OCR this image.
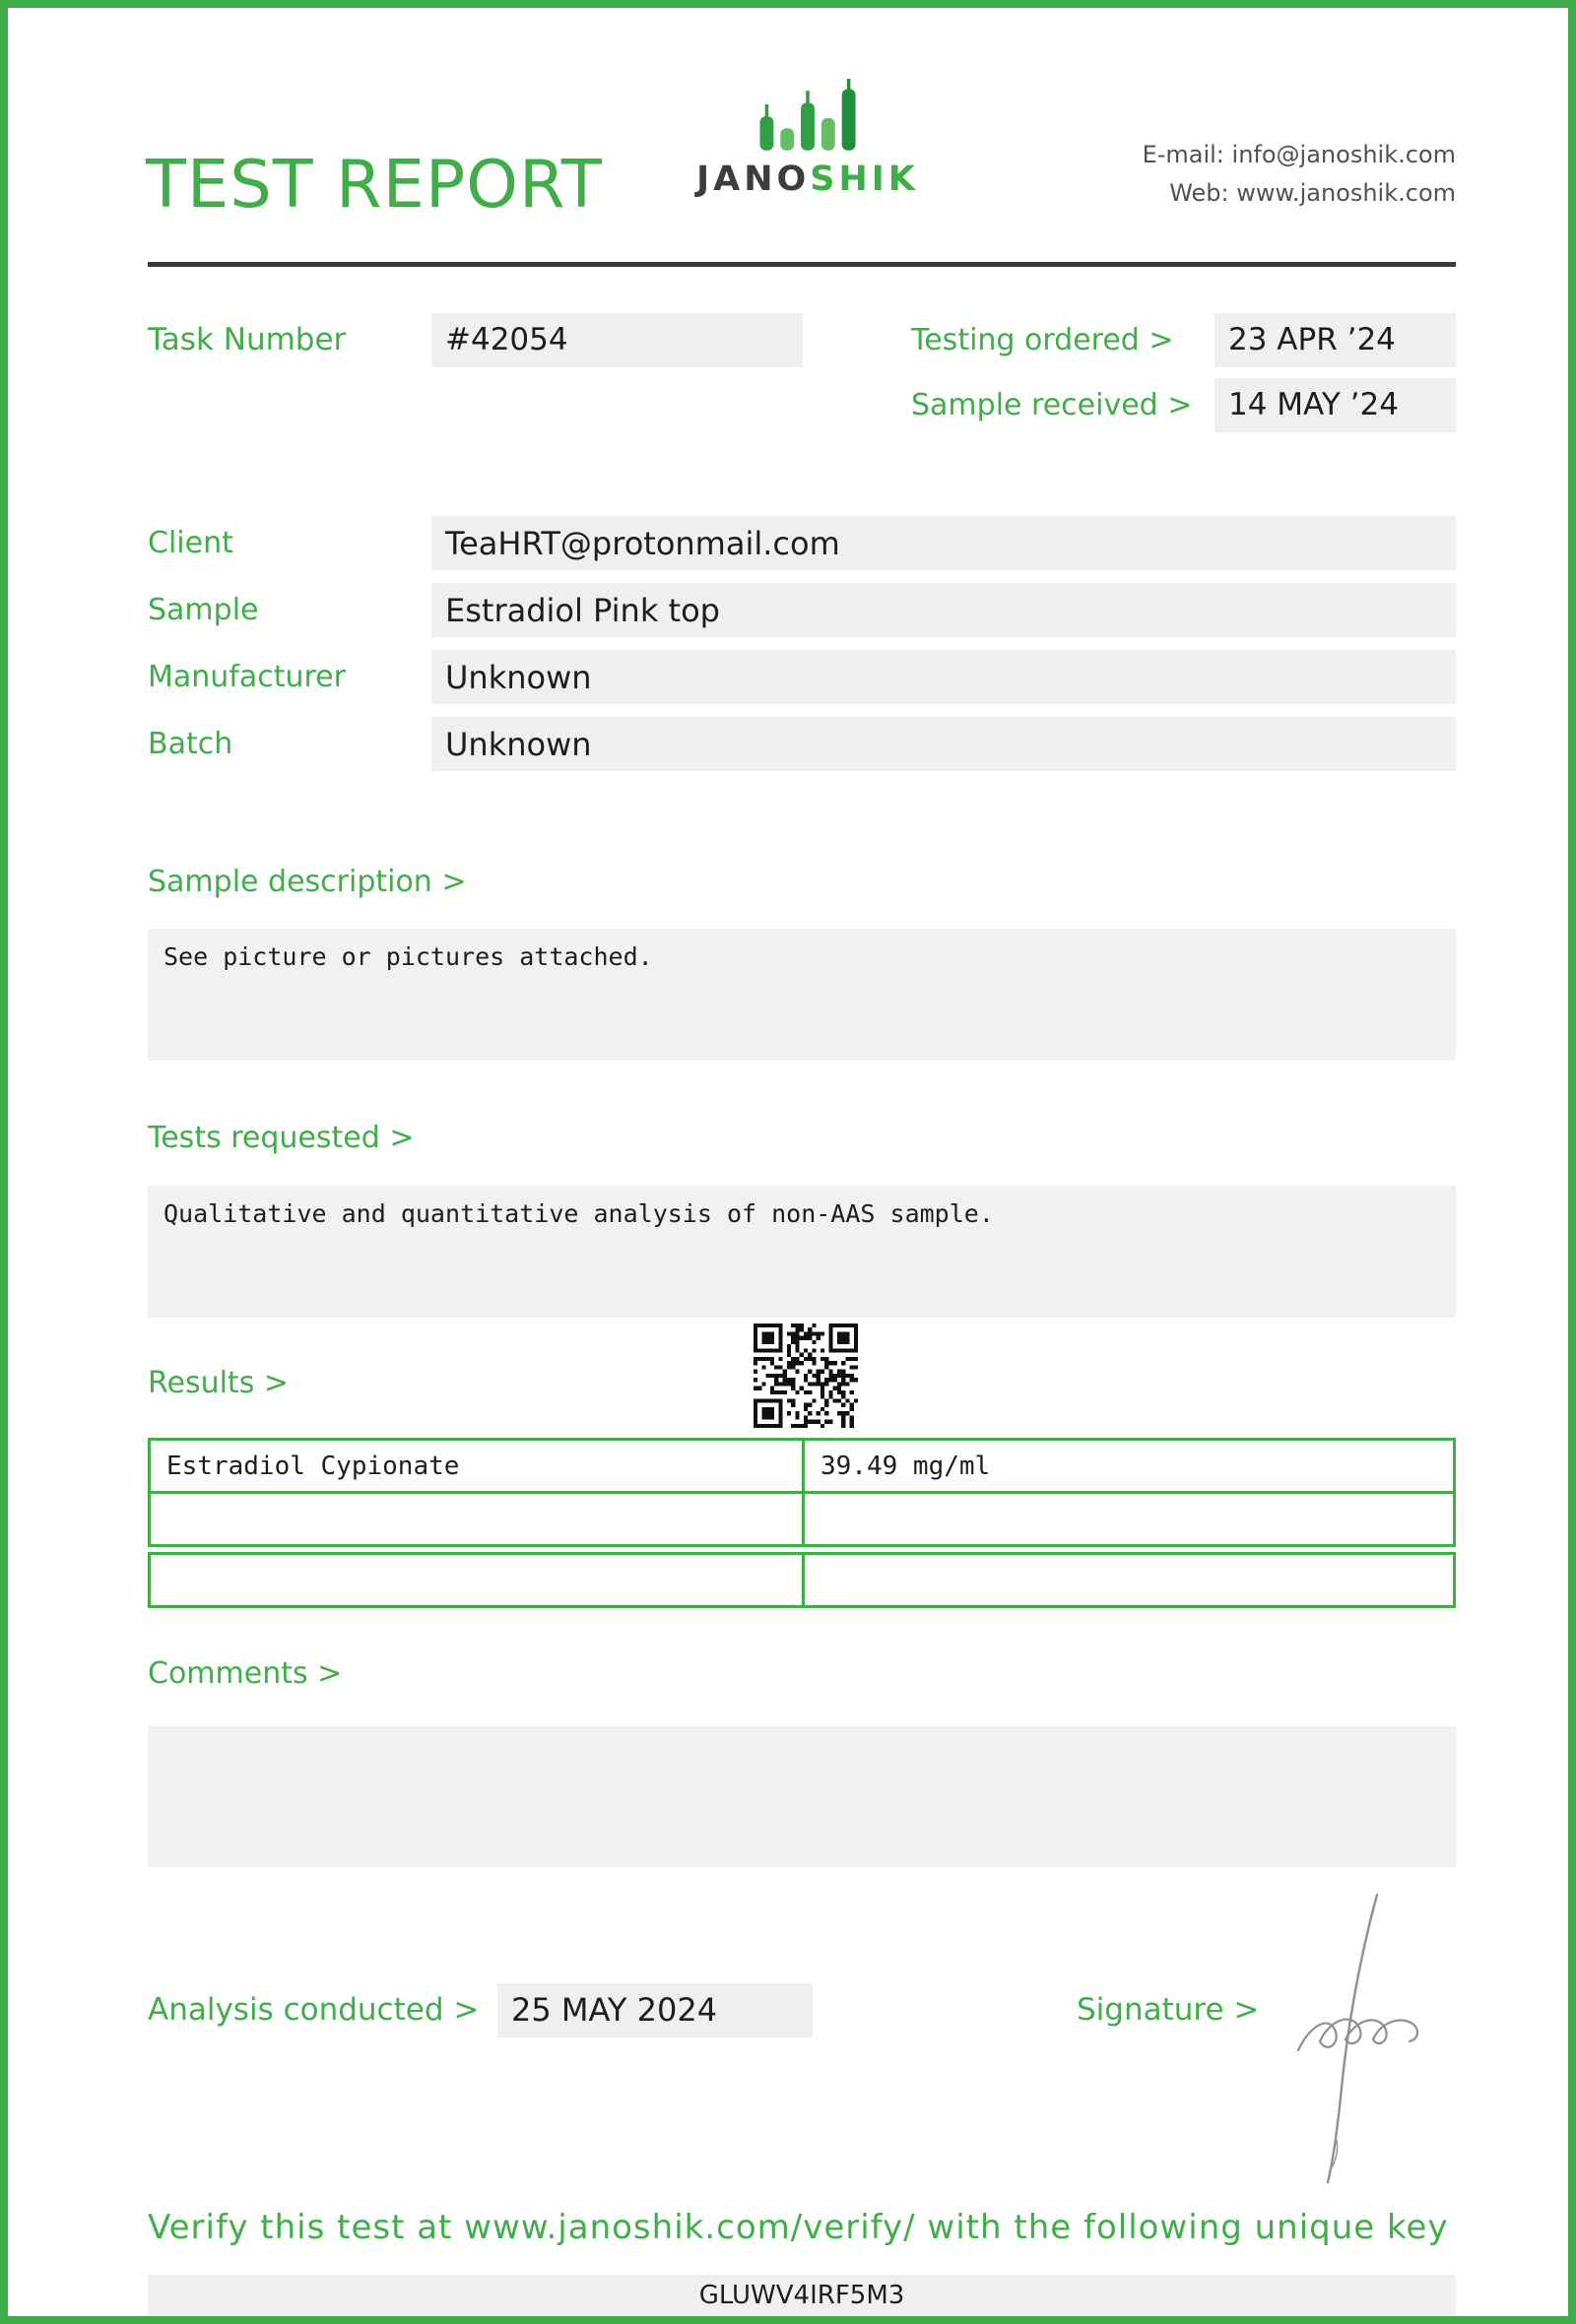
TEST REPORT	JANOSHIK
E-mail: info@janoshik.com
Web: www.janoshik.com
Task Number	#42054	Testing ordered >	23 APR ’24
Sample received >	14 MAY ’24
Client	TeaHRT@protonmail.com
Sample	Estradiol Pink top
Manufacturer	Unknown
Batch	Unknown
Sample description >
See picture or pictures attached.
Tests requested >
Qualitative and quantitative analysis of non-AAS sample.
Results >
Estradiol Cypionate	39.49 mg/ml
Comments >
Analysis conducted >	25 MAY 2024	Signature >
Verify this test at www.janoshik.com/verify/ with the following unique key
GLUWV4IRF5M3
